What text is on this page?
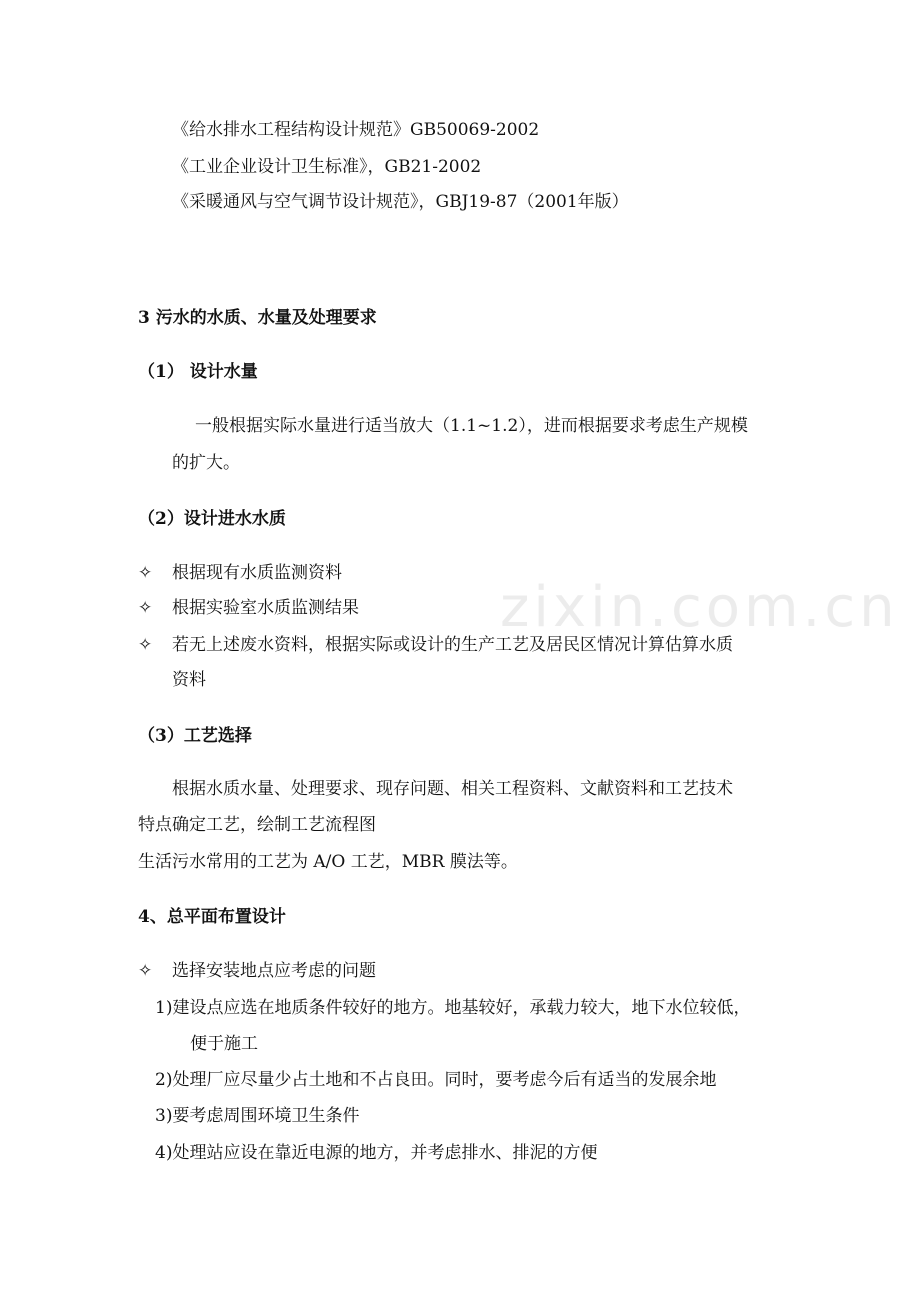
《给水排水工程结构设计规范》GB50069-2002

《工业企业设计卫生标准》，GB21-2002

《采暖通风与空气调节设计规范》，GBJ19-87（2001年版）

3 污水的水质、水量及处理要求

（1） 设计水量

一般根据实际水量进行适当放大（1.1~1.2），进而根据要求考虑生产规模

的扩大。

（2）设计进水水质

✧ 根据现有水质监测资料

✧ 根据实验室水质监测结果

✧ 若无上述废水资料，根据实际或设计的生产工艺及居民区情况计算估算水质

资料

（3）工艺选择

根据水质水量、处理要求、现存问题、相关工程资料、文献资料和工艺技术

特点确定工艺，绘制工艺流程图

生活污水常用的工艺为 A/O 工艺，MBR 膜法等。

4、总平面布置设计

✧ 选择安装地点应考虑的问题

1)建设点应选在地质条件较好的地方。地基较好，承载力较大，地下水位较低，

便于施工

2)处理厂应尽量少占土地和不占良田。同时，要考虑今后有适当的发展余地

3)要考虑周围环境卫生条件

4)处理站应设在靠近电源的地方，并考虑排水、排泥的方便

zixin.com.cn
